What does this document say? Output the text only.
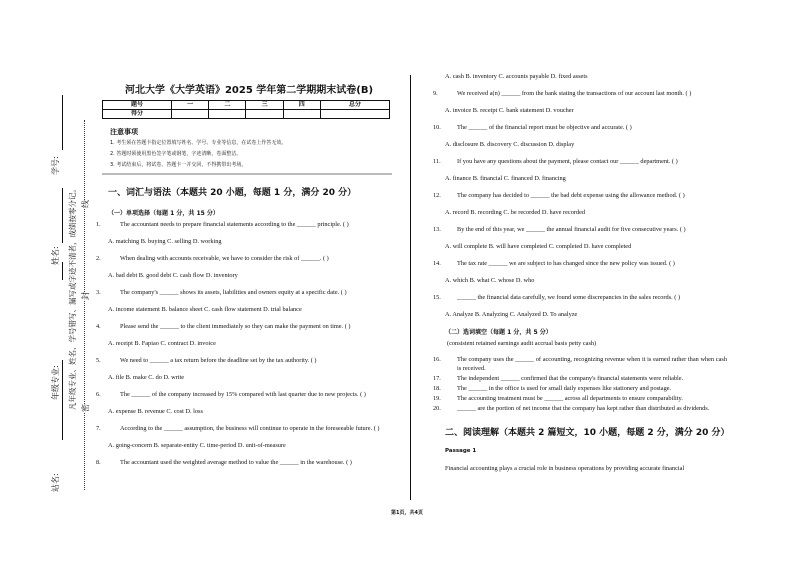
学号:
姓名:
年级专业:
站名:
凡年级专业、姓名、学号错写、漏写或字迹不清者，成绩按零分记。 密
封
线
河北大学《大学英语》2025 学年第二学期期末试卷(B)
题号	一	二	三	四	总分
得分					
注意事项
1. 考生须在答题卡指定位置填写姓名、学号、专业等信息，在试卷上作答无效。
2. 答题时须使用黑色签字笔或钢笔，字迹清晰，卷面整洁。
3. 考试结束后，将试卷、答题卡一并交回，不得携带出考场。
一、词汇与语法（本题共 20 小题，每题 1 分，满分 20 分）
（一）单项选择（每题 1 分，共 15 分）
1.	The accountant needs to prepare financial statements according to the ______ principle. ( )
A. matching B. buying C. selling D. working
2.	When dealing with accounts receivable, we have to consider the risk of ______. ( )
A. bad debt B. good debt C. cash flow D. inventory
3.	The company's ______ shows its assets, liabilities and owners equity at a specific date. ( )
A. income statement B. balance sheet C. cash flow statement D. trial balance
4.	Please send the ______ to the client immediately so they can make the payment on time. ( )
A. receipt B. Fapiao C. contract D. invoice
5.	We need to ______ a tax return before the deadline set by the tax authority. ( )
A. file B. make C. do D. write
6.	The ______ of the company increased by 15% compared with last quarter due to new projects. ( )
A. expense B. revenue C. cost D. loss
7.	According to the ______ assumption, the business will continue to operate in the foreseeable future. ( )
A. going-concern B. separate-entity C. time-period D. unit-of-measure
8.	The accountant used the weighted average method to value the ______ in the warehouse. ( )
A. cash B. inventory C. accounts payable D. fixed assets
9.	We received a(n) ______ from the bank stating the transactions of our account last month. ( )
A. invoice B. receipt C. bank statement D. voucher
10.	The ______ of the financial report must be objective and accurate. ( )
A. disclosure B. discovery C. discussion D. display
11.	If you have any questions about the payment, please contact our ______ department. ( )
A. finance B. financial C. financed D. financing
12.	The company has decided to ______ the bad debt expense using the allowance method. ( )
A. record B. recording C. be recorded D. have recorded
13.	By the end of this year, we ______ the annual financial audit for five consecutive years. ( )
A. will complete B. will have completed C. completed D. have completed
14.	The tax rate ______ we are subject to has changed since the new policy was issued. ( )
A. which B. what C. whose D. who
15.	______ the financial data carefully, we found some discrepancies in the sales records. ( )
A. Analyze B. Analyzing C. Analyzed D. To analyze
（二）选词填空（每题 1 分，共 5 分）
(consistent retained earnings audit accrual basis petty cash)
16.	The company uses the ______ of accounting, recognizing revenue when it is earned rather than when cash is received.
17.	The independent ______ confirmed that the company's financial statements were reliable.
18.	The ______ in the office is used for small daily expenses like stationery and postage.
19.	The accounting treatment must be ______ across all departments to ensure comparability.
20.	______ are the portion of net income that the company has kept rather than distributed as dividends.
二、阅读理解（本题共 2 篇短文，10 小题，每题 2 分，满分 20 分）
Passage 1
Financial accounting plays a crucial role in business operations by providing accurate financial
第1页，共4页
